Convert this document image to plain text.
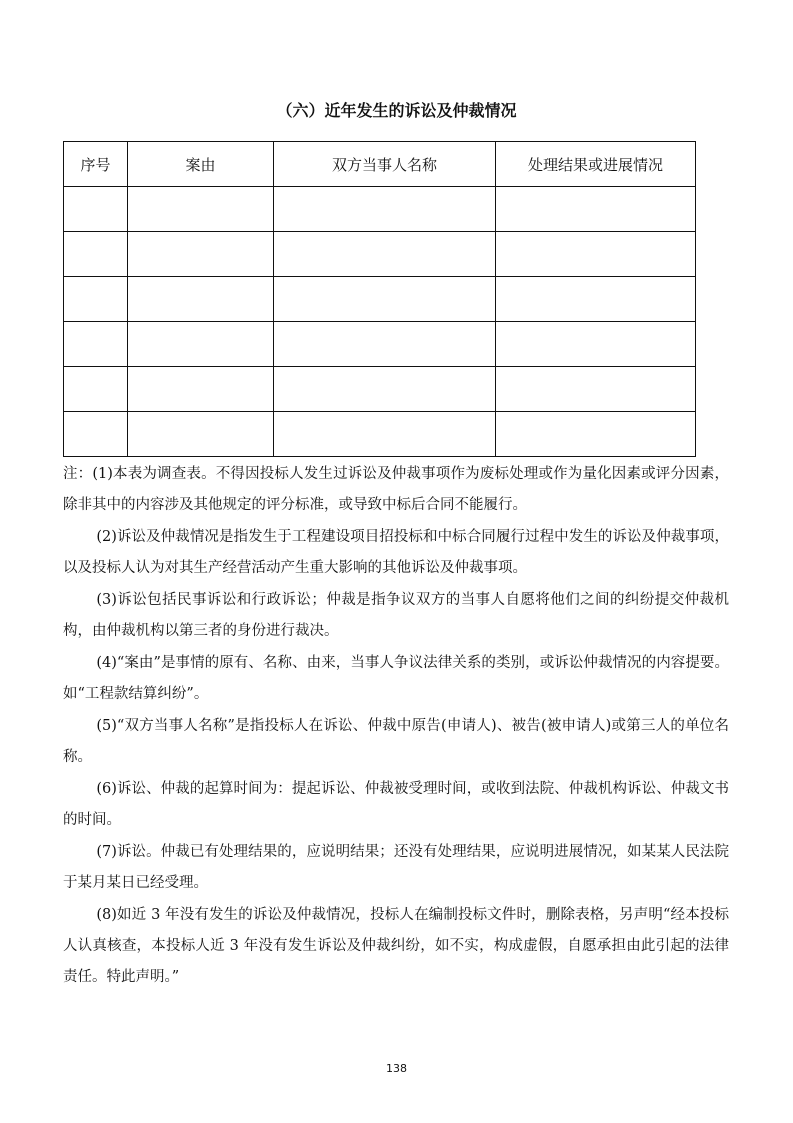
（六）近年发生的诉讼及仲裁情况
序号	案由	双方当事人名称	处理结果或进展情况

注：(1)本表为调查表。不得因投标人发生过诉讼及仲裁事项作为废标处理或作为量化因素或评分因素，除非其中的内容涉及其他规定的评分标准，或导致中标后合同不能履行。

(2)诉讼及仲裁情况是指发生于工程建设项目招投标和中标合同履行过程中发生的诉讼及仲裁事项，以及投标人认为对其生产经营活动产生重大影响的其他诉讼及仲裁事项。

(3)诉讼包括民事诉讼和行政诉讼；仲裁是指争议双方的当事人自愿将他们之间的纠纷提交仲裁机构，由仲裁机构以第三者的身份进行裁决。

(4)“案由”是事情的原有、名称、由来，当事人争议法律关系的类别，或诉讼仲裁情况的内容提要。如“工程款结算纠纷”。

(5)“双方当事人名称”是指投标人在诉讼、仲裁中原告(申请人)、被告(被申请人)或第三人的单位名称。

(6)诉讼、仲裁的起算时间为：提起诉讼、仲裁被受理时间，或收到法院、仲裁机构诉讼、仲裁文书的时间。

(7)诉讼。仲裁已有处理结果的，应说明结果；还没有处理结果，应说明进展情况，如某某人民法院于某月某日已经受理。

(8)如近 3 年没有发生的诉讼及仲裁情况，投标人在编制投标文件时，删除表格，另声明“经本投标人认真核查，本投标人近 3 年没有发生诉讼及仲裁纠纷，如不实，构成虚假，自愿承担由此引起的法律责任。特此声明。”

138
